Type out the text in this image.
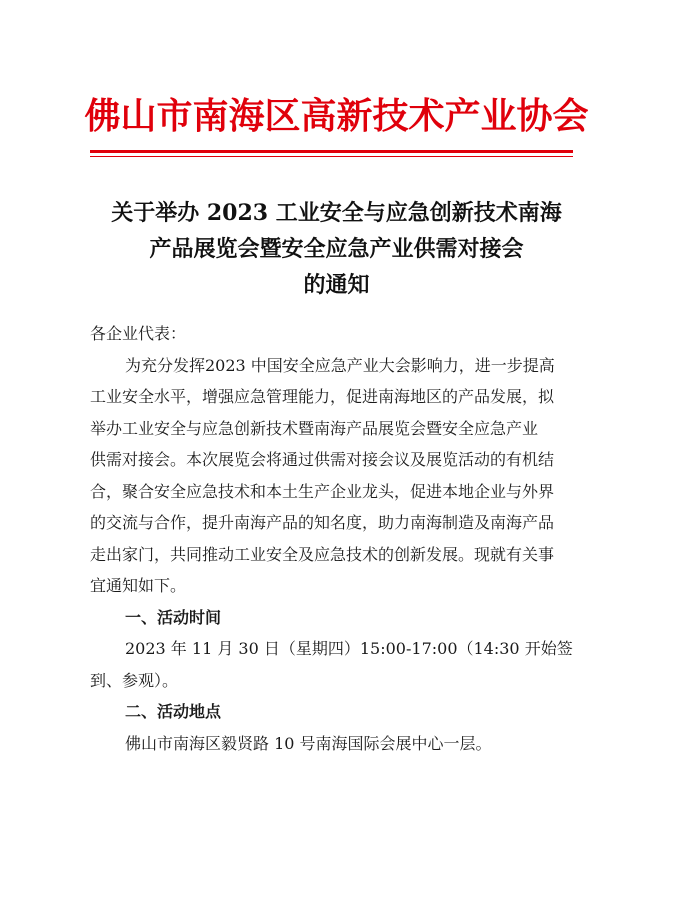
佛山市南海区高新技术产业协会
关于举办 2023 工业安全与应急创新技术南海
产品展览会暨安全应急产业供需对接会
的通知
各企业代表：
为充分发挥2023 中国安全应急产业大会影响力，进一步提高
工业安全水平，增强应急管理能力，促进南海地区的产品发展，拟
举办工业安全与应急创新技术暨南海产品展览会暨安全应急产业
供需对接会。本次展览会将通过供需对接会议及展览活动的有机结
合，聚合安全应急技术和本土生产企业龙头，促进本地企业与外界
的交流与合作，提升南海产品的知名度，助力南海制造及南海产品
走出家门，共同推动工业安全及应急技术的创新发展。现就有关事
宜通知如下。
一、活动时间
2023 年 11 月 30 日（星期四）15:00-17:00（14:30 开始签
到、参观）。
二、活动地点
佛山市南海区毅贤路 10 号南海国际会展中心一层。
